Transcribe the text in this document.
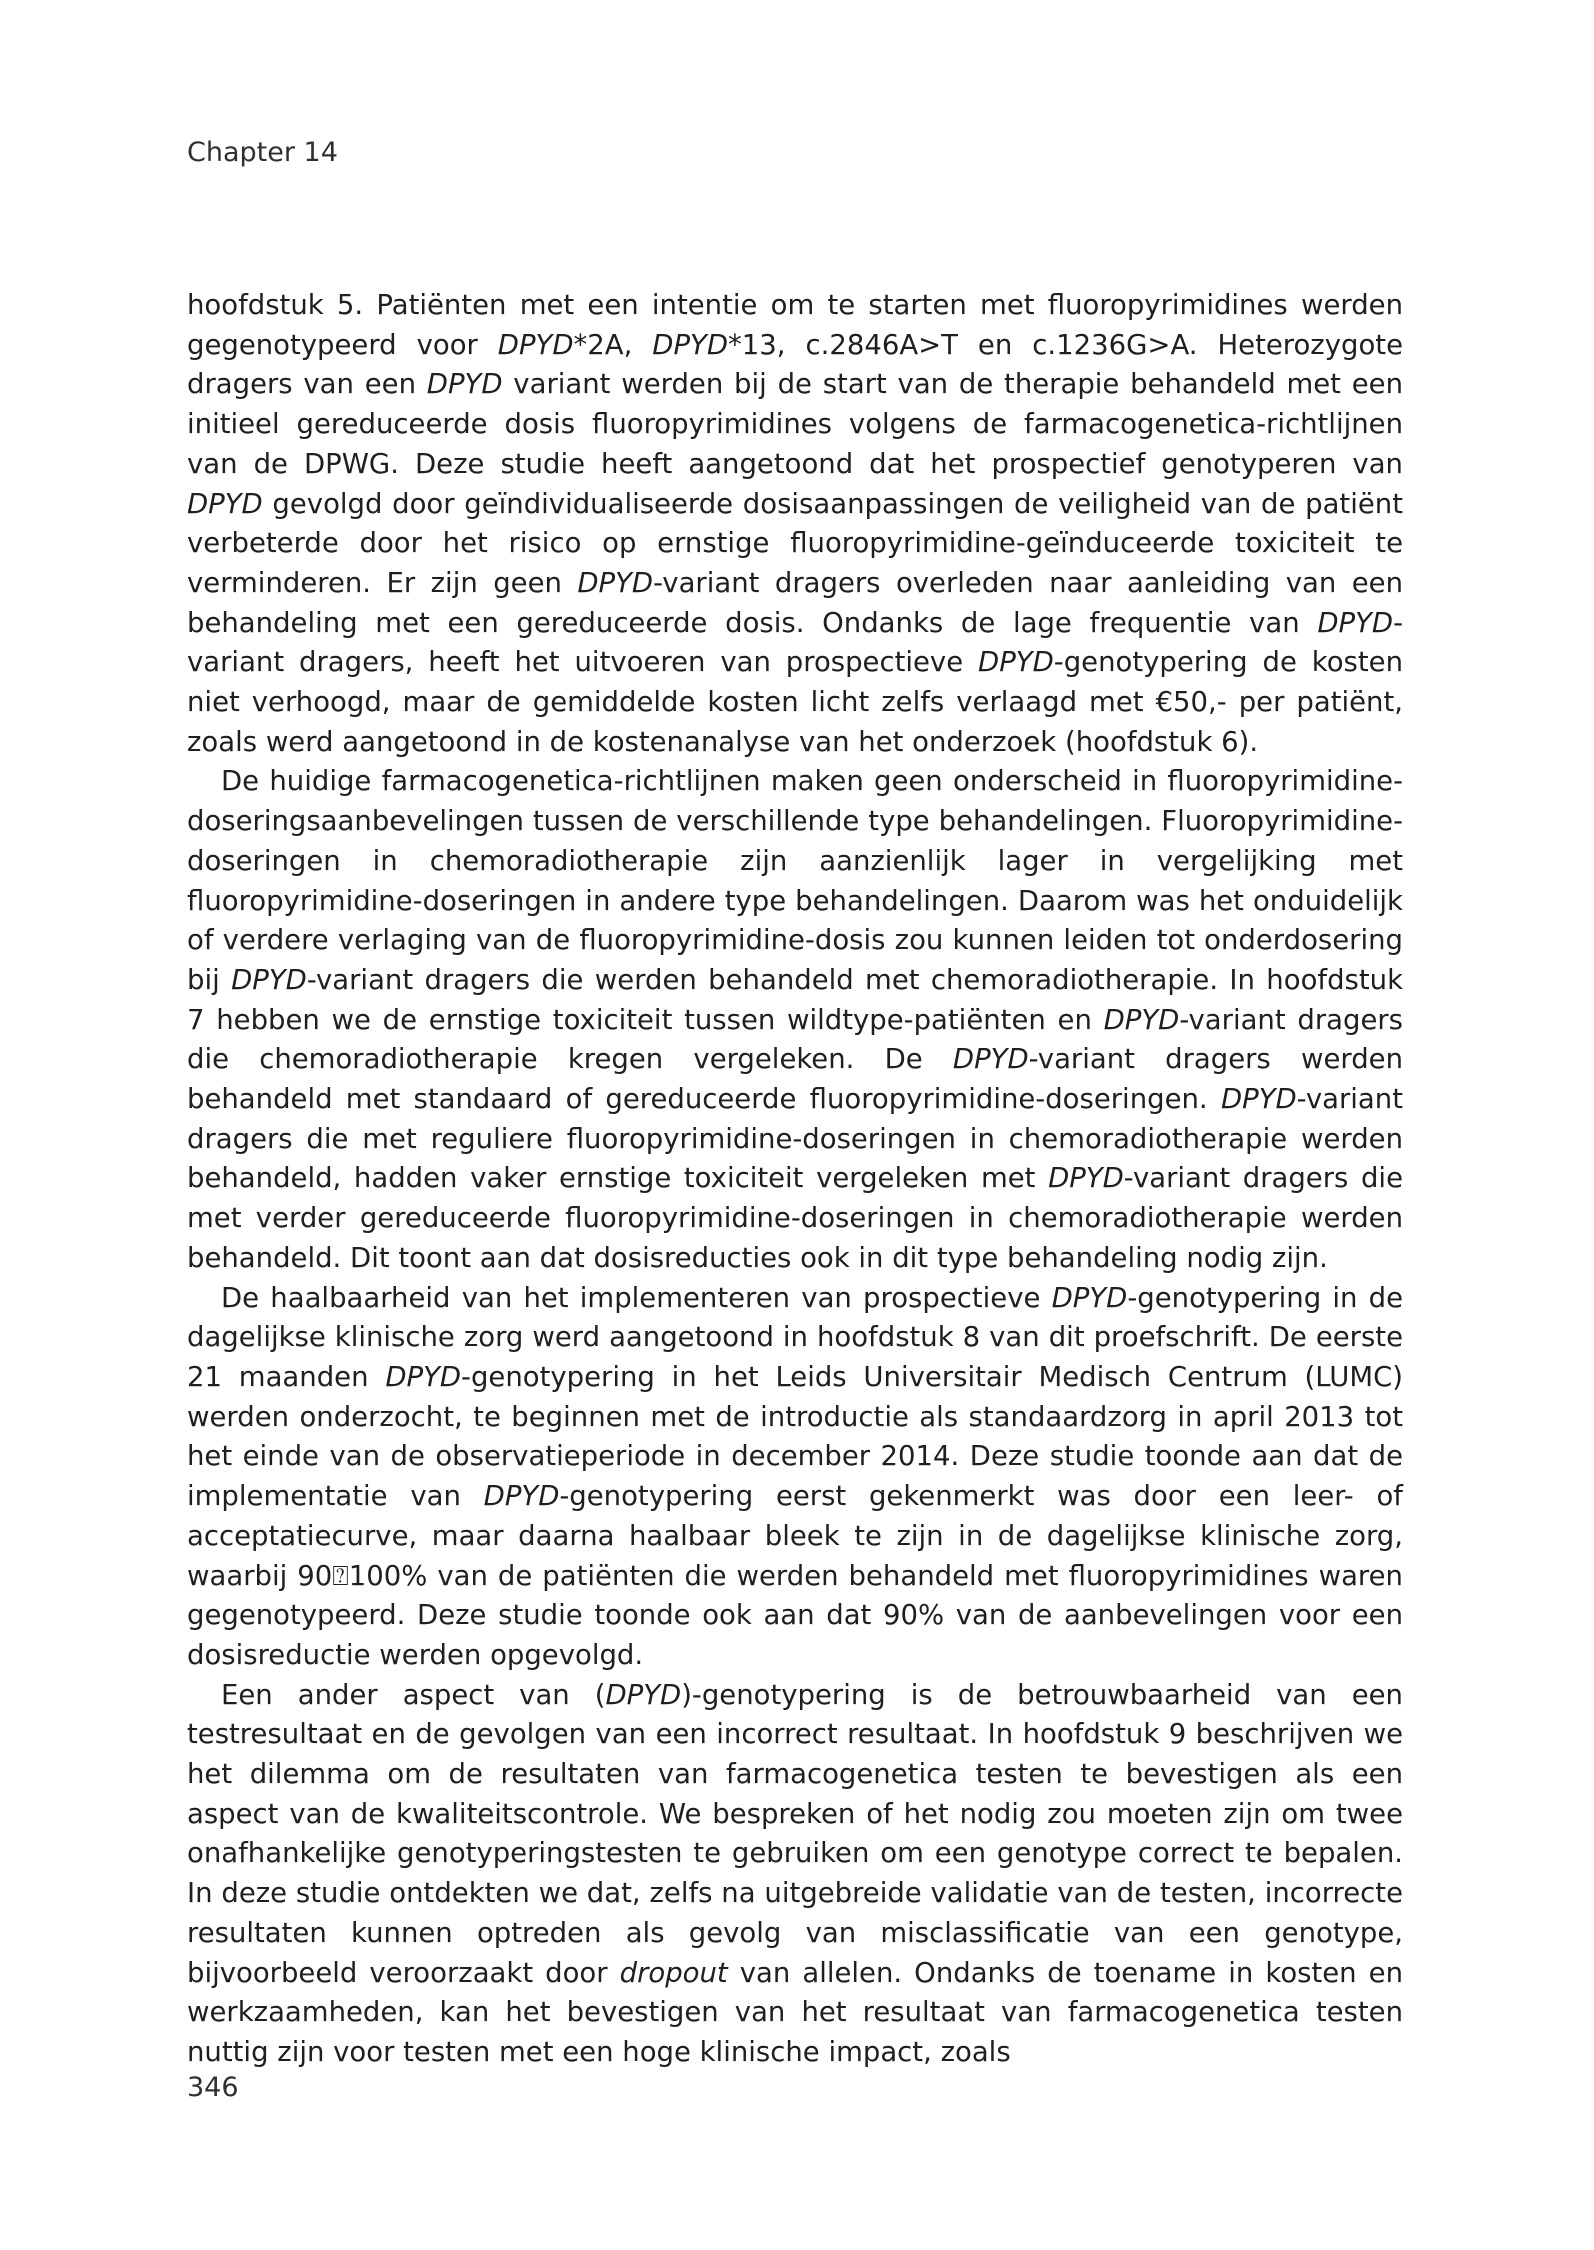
Chapter 14

hoofdstuk 5. Patiënten met een intentie om te starten met fluoropyrimidines werden gegenotypeerd voor DPYD*2A, DPYD*13, c.2846A>T en c.1236G>A. Heterozygote dragers van een DPYD variant werden bij de start van de therapie behandeld met een initieel gereduceerde dosis fluoropyrimidines volgens de farmacogenetica-richtlijnen van de DPWG. Deze studie heeft aangetoond dat het prospectief genotyperen van DPYD gevolgd door geïndividualiseerde dosisaanpassingen de veiligheid van de patiënt verbeterde door het risico op ernstige fluoropyrimidine-geïnduceerde toxiciteit te verminderen. Er zijn geen DPYD-variant dragers overleden naar aanleiding van een behandeling met een gereduceerde dosis. Ondanks de lage frequentie van DPYD-variant dragers, heeft het uitvoeren van prospectieve DPYD-genotypering de kosten niet verhoogd, maar de gemiddelde kosten licht zelfs verlaagd met €50,- per patiënt, zoals werd aangetoond in de kostenanalyse van het onderzoek (hoofdstuk 6).

De huidige farmacogenetica-richtlijnen maken geen onderscheid in fluoropyrimidine-doseringsaanbevelingen tussen de verschillende type behandelingen. Fluoropyrimidine-doseringen in chemoradiotherapie zijn aanzienlijk lager in vergelijking met fluoropyrimidine-doseringen in andere type behandelingen. Daarom was het onduidelijk of verdere verlaging van de fluoropyrimidine-dosis zou kunnen leiden tot onderdosering bij DPYD-variant dragers die werden behandeld met chemoradiotherapie. In hoofdstuk 7 hebben we de ernstige toxiciteit tussen wildtype-patiënten en DPYD-variant dragers die chemoradiotherapie kregen vergeleken. De DPYD-variant dragers werden behandeld met standaard of gereduceerde fluoropyrimidine-doseringen. DPYD-variant dragers die met reguliere fluoropyrimidine-doseringen in chemoradiotherapie werden behandeld, hadden vaker ernstige toxiciteit vergeleken met DPYD-variant dragers die met verder gereduceerde fluoropyrimidine-doseringen in chemoradiotherapie werden behandeld. Dit toont aan dat dosisreducties ook in dit type behandeling nodig zijn.

De haalbaarheid van het implementeren van prospectieve DPYD-genotypering in de dagelijkse klinische zorg werd aangetoond in hoofdstuk 8 van dit proefschrift. De eerste 21 maanden DPYD-genotypering in het Leids Universitair Medisch Centrum (LUMC) werden onderzocht, te beginnen met de introductie als standaardzorg in april 2013 tot het einde van de observatieperiode in december 2014. Deze studie toonde aan dat de implementatie van DPYD-genotypering eerst gekenmerkt was door een leer- of acceptatiecurve, maar daarna haalbaar bleek te zijn in de dagelijkse klinische zorg, waarbij 90⍰100% van de patiënten die werden behandeld met fluoropyrimidines waren gegenotypeerd. Deze studie toonde ook aan dat 90% van de aanbevelingen voor een dosisreductie werden opgevolgd.

Een ander aspect van (DPYD)-genotypering is de betrouwbaarheid van een testresultaat en de gevolgen van een incorrect resultaat. In hoofdstuk 9 beschrijven we het dilemma om de resultaten van farmacogenetica testen te bevestigen als een aspect van de kwaliteitscontrole. We bespreken of het nodig zou moeten zijn om twee onafhankelijke genotyperingstesten te gebruiken om een genotype correct te bepalen. In deze studie ontdekten we dat, zelfs na uitgebreide validatie van de testen, incorrecte resultaten kunnen optreden als gevolg van misclassificatie van een genotype, bijvoorbeeld veroorzaakt door dropout van allelen. Ondanks de toename in kosten en werkzaamheden, kan het bevestigen van het resultaat van farmacogenetica testen nuttig zijn voor testen met een hoge klinische impact, zoals

346
